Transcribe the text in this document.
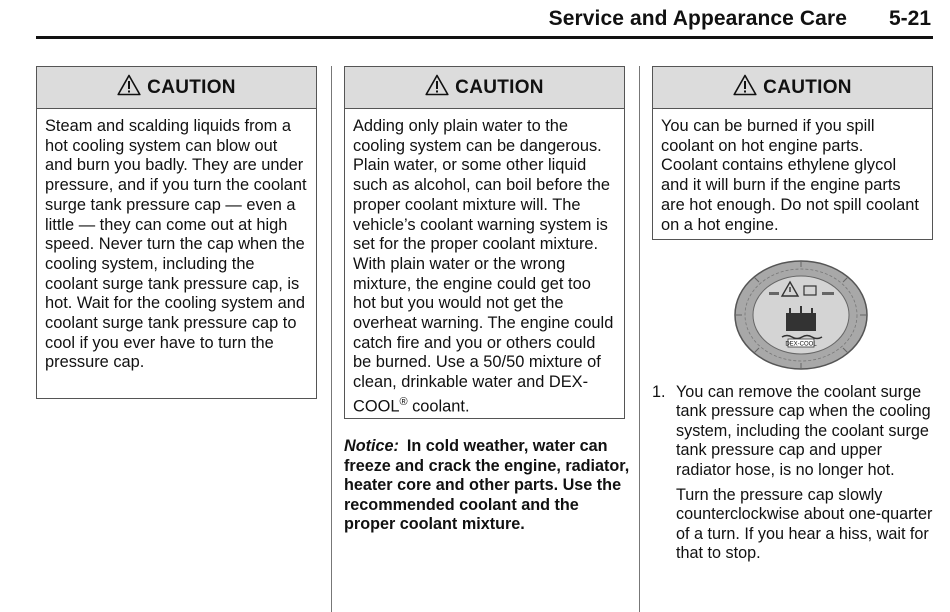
Service and Appearance Care 5-21
CAUTION
Steam and scalding liquids from a hot cooling system can blow out and burn you badly. They are under pressure, and if you turn the coolant surge tank pressure cap — even a little — they can come out at high speed. Never turn the cap when the cooling system, including the coolant surge tank pressure cap, is hot. Wait for the cooling system and coolant surge tank pressure cap to cool if you ever have to turn the pressure cap.
CAUTION
Adding only plain water to the cooling system can be dangerous. Plain water, or some other liquid such as alcohol, can boil before the proper coolant mixture will. The vehicle’s coolant warning system is set for the proper coolant mixture. With plain water or the wrong mixture, the engine could get too hot but you would not get the overheat warning. The engine could catch fire and you or others could be burned. Use a 50/50 mixture of clean, drinkable water and DEX-COOL® coolant.
CAUTION
You can be burned if you spill coolant on hot engine parts. Coolant contains ethylene glycol and it will burn if the engine parts are hot enough. Do not spill coolant on a hot engine.
Notice: In cold weather, water can freeze and crack the engine, radiator, heater core and other parts. Use the recommended coolant and the proper coolant mixture.
DEX-COOL
1. You can remove the coolant surge tank pressure cap when the cooling system, including the coolant surge tank pressure cap and upper radiator hose, is no longer hot.

Turn the pressure cap slowly counterclockwise about one-quarter of a turn. If you hear a hiss, wait for that to stop.
